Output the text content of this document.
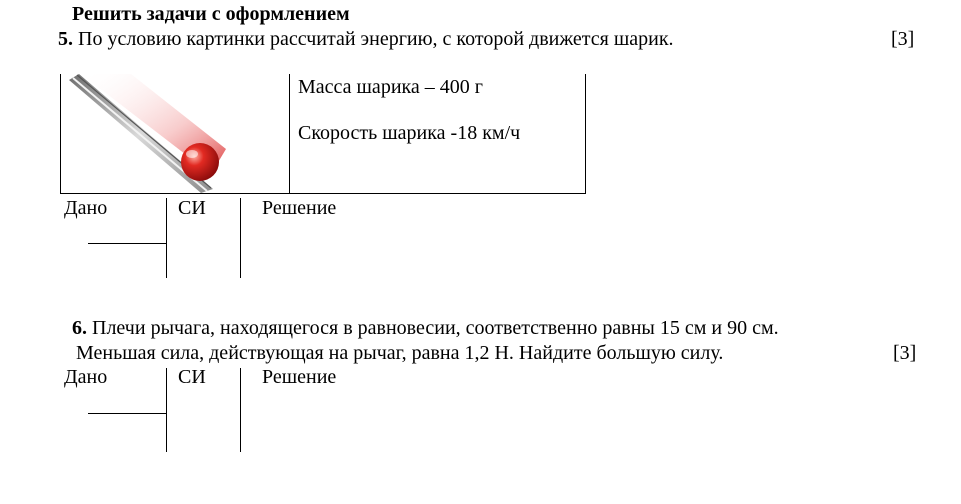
Решить задачи с оформлением
5. По условию картинки рассчитай энергию, с которой движется шарик.	[3]
Масса шарика – 400 г
Скорость шарика -18 км/ч
Дано	СИ	Решение
6. Плечи рычага, находящегося в равновесии, соответственно равны 15 см и 90 см.
Меньшая сила, действующая на рычаг, равна 1,2 Н. Найдите большую силу.	[3]
Дано	СИ	Решение
